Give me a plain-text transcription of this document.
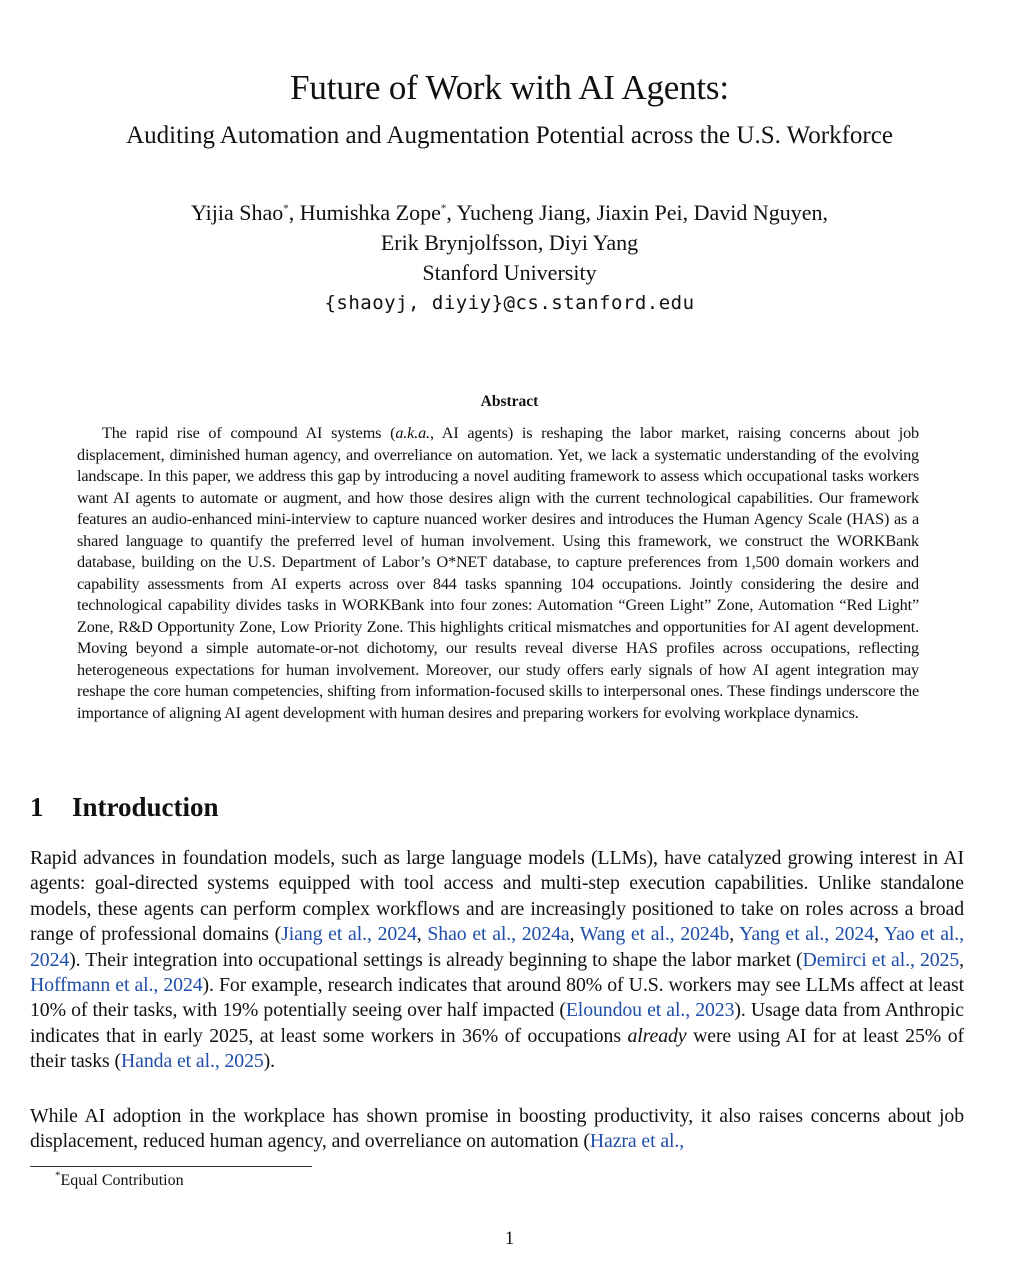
Future of Work with AI Agents:
Auditing Automation and Augmentation Potential across the U.S. Workforce
Yijia Shao*, Humishka Zope*, Yucheng Jiang, Jiaxin Pei, David Nguyen,
Erik Brynjolfsson, Diyi Yang
Stanford University
{shaoyj, diyiy}@cs.stanford.edu
Abstract

The rapid rise of compound AI systems (a.k.a., AI agents) is reshaping the labor market, raising concerns about job displacement, diminished human agency, and overreliance on automation. Yet, we lack a systematic understanding of the evolving landscape. In this paper, we address this gap by introducing a novel auditing framework to assess which occupational tasks workers want AI agents to automate or augment, and how those desires align with the current technological capabilities. Our framework features an audio-enhanced mini-interview to capture nuanced worker desires and introduces the Human Agency Scale (HAS) as a shared language to quantify the preferred level of human involvement. Using this framework, we construct the WORKBank database, building on the U.S. Department of Labor’s O*NET database, to capture preferences from 1,500 domain workers and capability assessments from AI experts across over 844 tasks spanning 104 occupations. Jointly considering the desire and technological capability divides tasks in WORKBank into four zones: Automation “Green Light” Zone, Automation “Red Light” Zone, R&D Opportunity Zone, Low Priority Zone. This highlights critical mismatches and opportunities for AI agent development. Moving beyond a simple automate-or-not dichotomy, our results reveal diverse HAS profiles across occupations, reflecting heterogeneous expectations for human involvement. Moreover, our study offers early signals of how AI agent integration may reshape the core human competencies, shifting from information-focused skills to interpersonal ones. These findings underscore the importance of aligning AI agent development with human desires and preparing workers for evolving workplace dynamics.

1 Introduction

Rapid advances in foundation models, such as large language models (LLMs), have catalyzed growing interest in AI agents: goal-directed systems equipped with tool access and multi-step execution capabilities. Unlike standalone models, these agents can perform complex workflows and are increasingly positioned to take on roles across a broad range of professional domains (Jiang et al., 2024, Shao et al., 2024a, Wang et al., 2024b, Yang et al., 2024, Yao et al., 2024). Their integration into occupational settings is already beginning to shape the labor market (Demirci et al., 2025, Hoffmann et al., 2024). For example, research indicates that around 80% of U.S. workers may see LLMs affect at least 10% of their tasks, with 19% potentially seeing over half impacted (Eloundou et al., 2023). Usage data from Anthropic indicates that in early 2025, at least some workers in 36% of occupations already were using AI for at least 25% of their tasks (Handa et al., 2025).

While AI adoption in the workplace has shown promise in boosting productivity, it also raises concerns about job displacement, reduced human agency, and overreliance on automation (Hazra et al.,

*Equal Contribution
1
